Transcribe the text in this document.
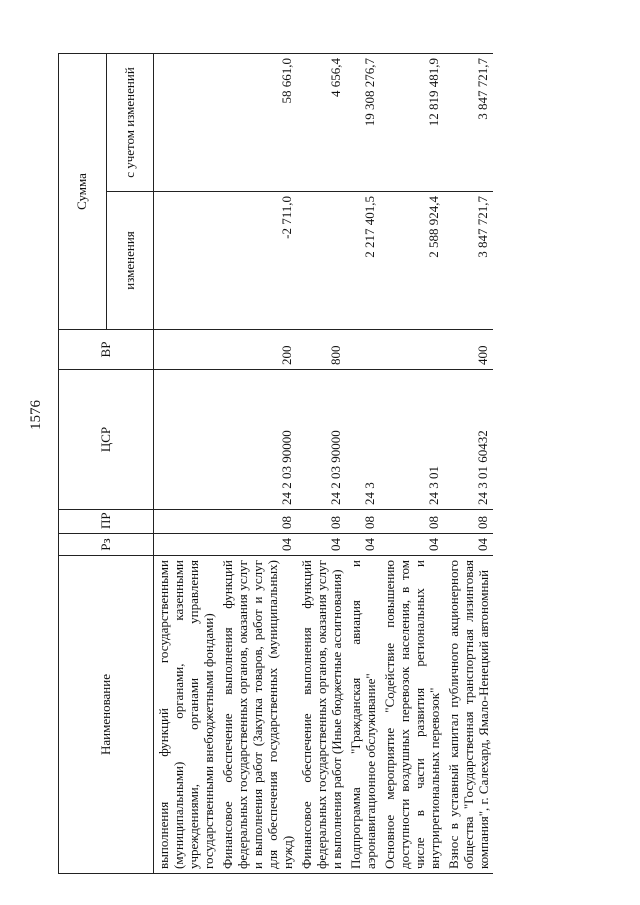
1576
Наименование	Рз	ПР	ЦСР	ВР	Сумма	
					изменения	с учетом изменений
выполнения функций государственными (муниципальными) органами, казенными учреждениями, органами управления государственными внебюджетными фондами)						
Финансовое обеспечение выполнения функций федеральных государственных органов, оказания услуг и выполнения работ (Закупка товаров, работ и услуг для обеспечения государственных (муниципальных) нужд)	04	08	24 2 03 90000	200	-2 711,0	58 661,0
Финансовое обеспечение выполнения функций федеральных государственных органов, оказания услуг и выполнения работ (Иные бюджетные ассигнования)	04	08	24 2 03 90000	800		4 656,4
Подпрограмма "Гражданская авиация и аэронавигационное обслуживание"	04	08	24 3		2 217 401,5	19 308 276,7
Основное мероприятие "Содействие повышению доступности воздушных перевозок населения, в том числе в части развития региональных и внутрирегиональных перевозок"	04	08	24 3 01		2 588 924,4	12 819 481,9
Взнос в уставный капитал публичного акционерного общества "Государственная транспортная лизинговая компания", г. Салехард, Ямало-Ненецкий автономный	04	08	24 3 01 60432	400	3 847 721,7	3 847 721,7
